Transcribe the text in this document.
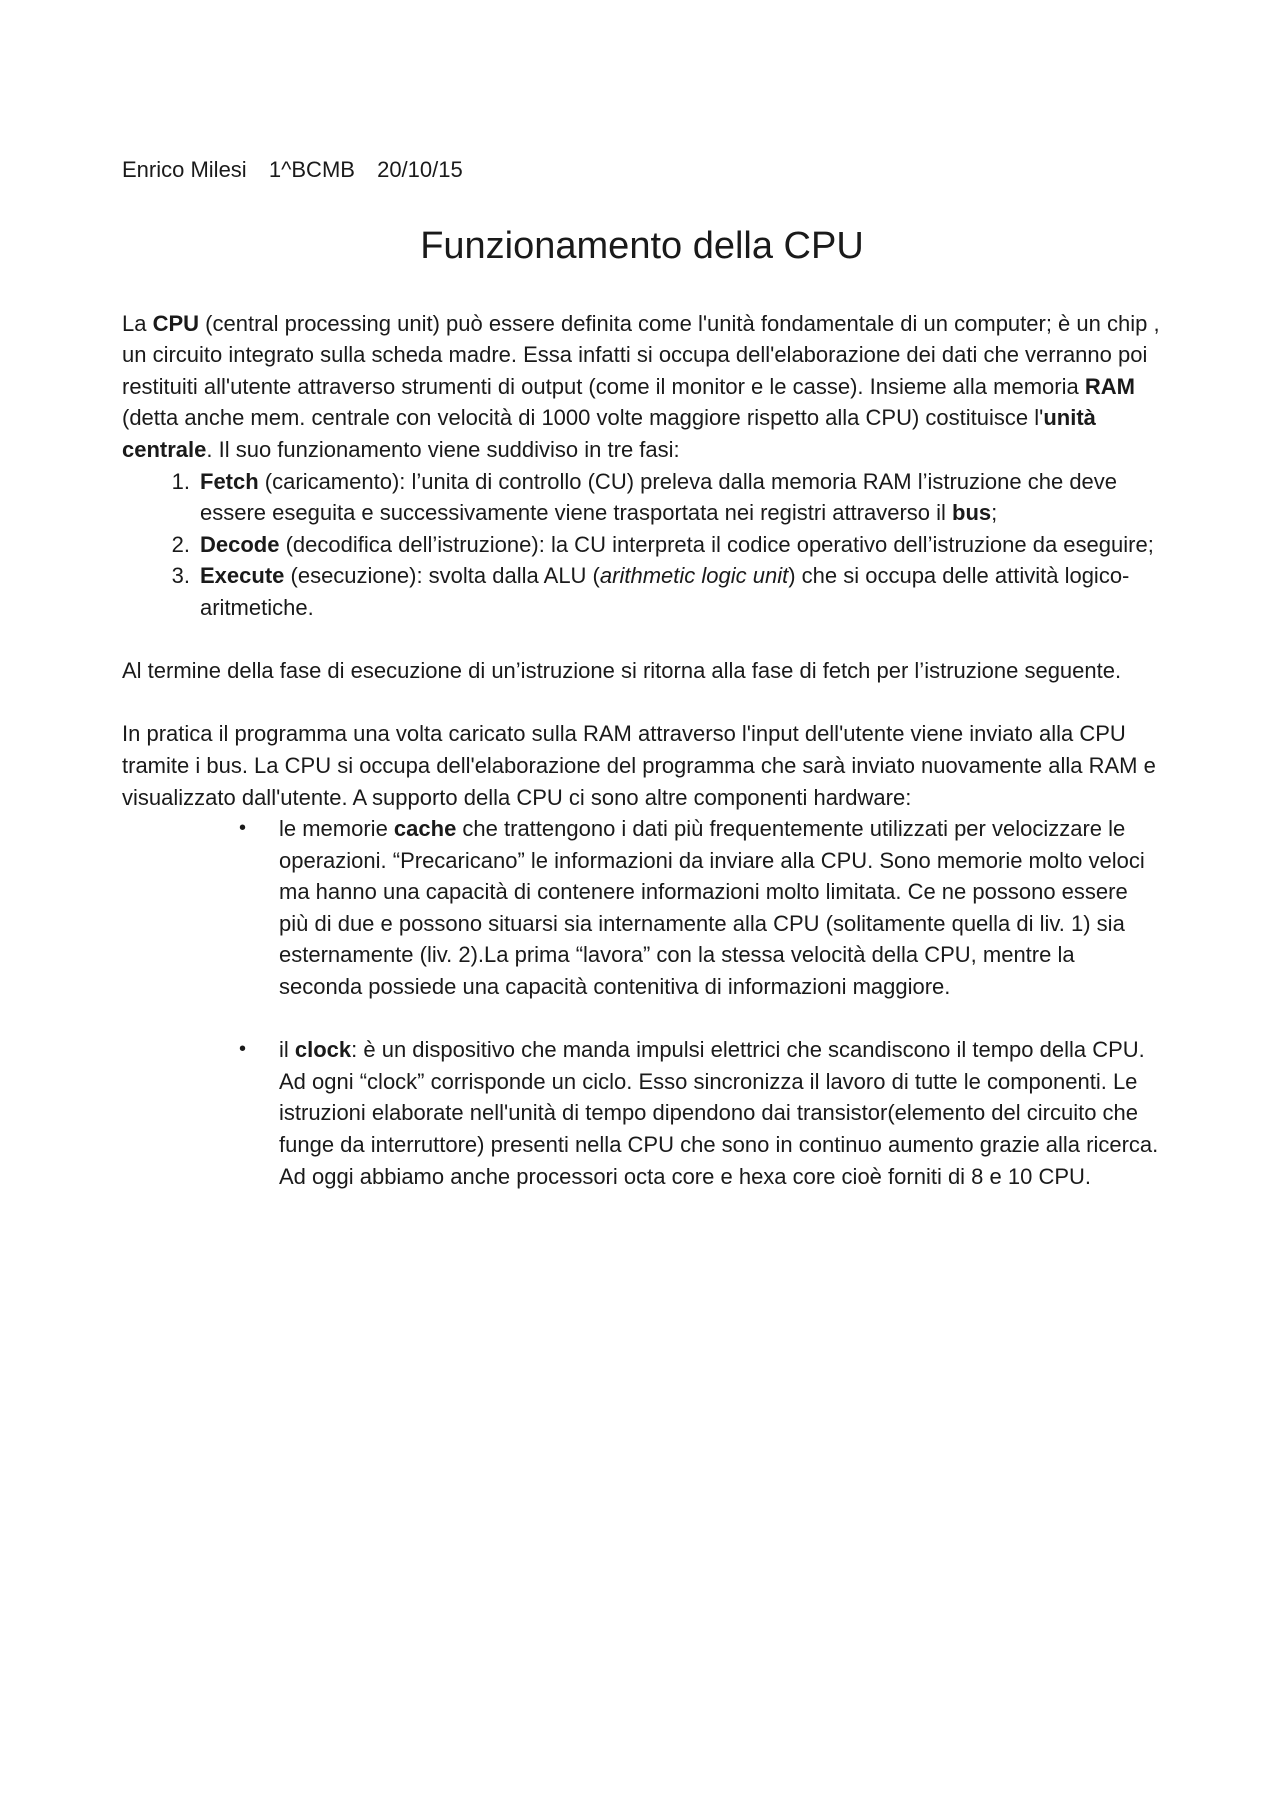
Enrico Milesi 1^BCMB 20/10/15

Funzionamento della CPU

La CPU (central processing unit) può essere definita come l'unità fondamentale di un computer; è un chip , un circuito integrato sulla scheda madre. Essa infatti si occupa dell'elaborazione dei dati che verranno poi restituiti all'utente attraverso strumenti di output (come il monitor e le casse). Insieme alla memoria RAM (detta anche mem. centrale con velocità di 1000 volte maggiore rispetto alla CPU) costituisce l'unità centrale. Il suo funzionamento viene suddiviso in tre fasi:

1. Fetch (caricamento): l’unita di controllo (CU) preleva dalla memoria RAM l’istruzione che deve essere eseguita e successivamente viene trasportata nei registri attraverso il bus;
2. Decode (decodifica dell’istruzione): la CU interpreta il codice operativo dell’istruzione da eseguire;
3. Execute (esecuzione): svolta dalla ALU (arithmetic logic unit) che si occupa delle attività logico-aritmetiche.

Al termine della fase di esecuzione di un’istruzione si ritorna alla fase di fetch per l’istruzione seguente.

In pratica il programma una volta caricato sulla RAM attraverso l'input dell'utente viene inviato alla CPU tramite i bus. La CPU si occupa dell'elaborazione del programma che sarà inviato nuovamente alla RAM e visualizzato dall'utente. A supporto della CPU ci sono altre componenti hardware:

• le memorie cache che trattengono i dati più frequentemente utilizzati per velocizzare le operazioni. “Precaricano” le informazioni da inviare alla CPU. Sono memorie molto veloci ma hanno una capacità di contenere informazioni molto limitata. Ce ne possono essere più di due e possono situarsi sia internamente alla CPU (solitamente quella di liv. 1) sia esternamente (liv. 2).La prima “lavora” con la stessa velocità della CPU, mentre la seconda possiede una capacità contenitiva di informazioni maggiore.
• il clock: è un dispositivo che manda impulsi elettrici che scandiscono il tempo della CPU. Ad ogni “clock” corrisponde un ciclo. Esso sincronizza il lavoro di tutte le componenti. Le istruzioni elaborate nell'unità di tempo dipendono dai transistor(elemento del circuito che funge da interruttore) presenti nella CPU che sono in continuo aumento grazie alla ricerca. Ad oggi abbiamo anche processori octa core e hexa core cioè forniti di 8 e 10 CPU.
